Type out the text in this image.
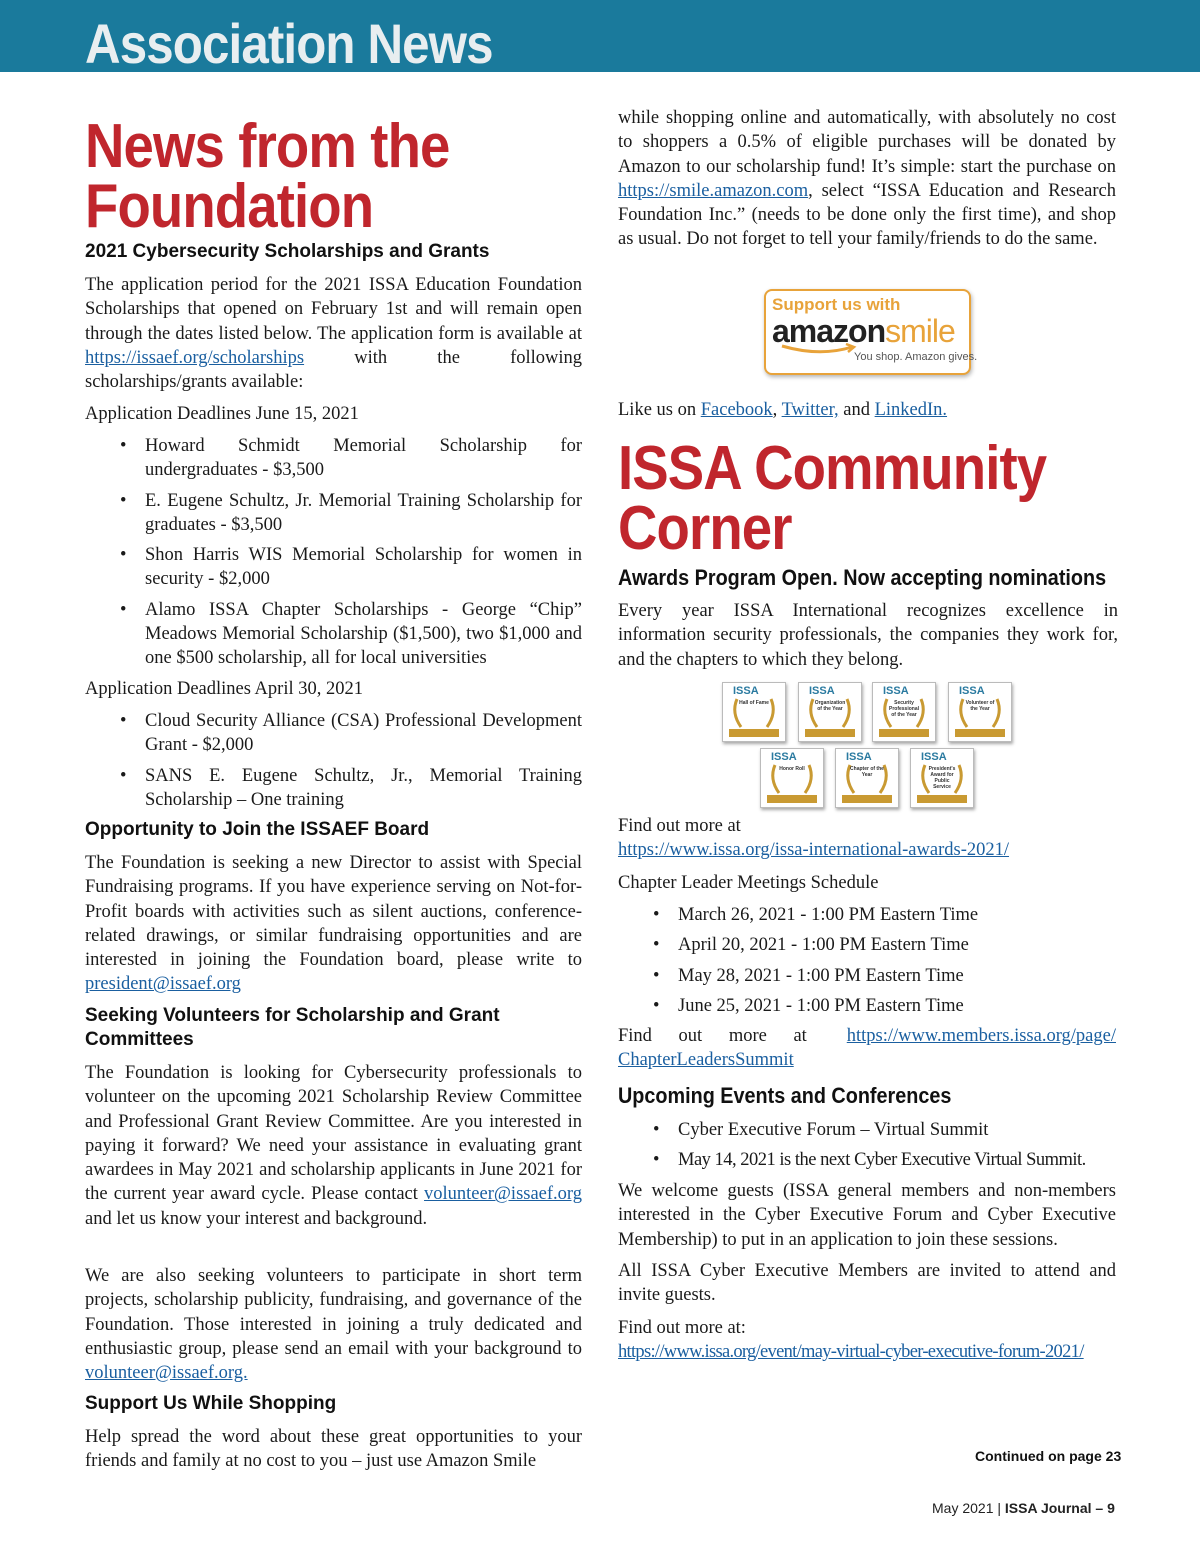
Association News
News from the
Foundation
2021 Cybersecurity Scholarships and Grants

The application period for the 2021 ISSA Education Foundation Scholarships that opened on February 1st and will remain open through the dates listed below. The application form is available at https://issaef.org/scholarships	with the following scholarships/grants available:

Application Deadlines June 15, 2021

• Howard Schmidt Memorial Scholarship for undergraduates - $3,500
• E. Eugene Schultz, Jr. Memorial Training Scholarship for graduates - $3,500
• Shon Harris WIS Memorial Scholarship for women in security - $2,000
• Alamo ISSA Chapter Scholarships - George “Chip” Meadows Memorial Scholarship ($1,500), two $1,000 and one $500 scholarship, all for local universities

Application Deadlines April 30, 2021

• Cloud Security Alliance (CSA) Professional Development Grant - $2,000
• SANS E. Eugene Schultz, Jr., Memorial Training Scholarship – One training
Opportunity to Join the ISSAEF Board

The Foundation is seeking a new Director to assist with Special Fundraising programs. If you have experience serving on Not-for-Profit boards with activities such as silent auctions, conference-related drawings, or similar fundraising opportunities and are interested in joining the Foundation board, please write to president@issaef.org

Seeking Volunteers for Scholarship and Grant Committees

The Foundation is looking for Cybersecurity professionals to volunteer on the upcoming 2021 Scholarship Review Committee and Professional Grant Review Committee. Are you interested in paying it forward? We need your assistance in evaluating grant awardees in May 2021 and scholarship applicants in June 2021 for the current year award cycle. Please contact volunteer@issaef.org and let us know your interest and background.

We are also seeking volunteers to participate in short term projects, scholarship publicity, fundraising, and governance of the Foundation. Those interested in joining a truly dedicated and enthusiastic group, please send an email with your background to volunteer@issaef.org.

Support Us While Shopping

Help spread the word about these great opportunities to your friends and family at no cost to you – just use Amazon Smile

while shopping online and automatically, with absolutely no cost to shoppers a 0.5% of eligible purchases will be donated by Amazon to our scholarship fund! It’s simple: start the purchase on https://smile.amazon.com, select “ISSA Education and Research Foundation Inc.” (needs to be done only the first time), and shop as usual. Do not forget to tell your family/friends to do the same.

Support us with
amazonsmile
You shop. Amazon gives.

Like us on Facebook, Twitter, and LinkedIn.

ISSA Community
Corner
Awards Program Open. Now accepting nominations

Every year ISSA International recognizes excellence in information security professionals, the companies they work for, and the chapters to which they belong.

ISSA
Hall of Fame
ISSA
Organization of the Year
ISSA
Security Professional of the Year
ISSA
Volunteer of the Year
ISSA
Honor Roll
ISSA
Chapter of the Year
ISSA
President's Award for Public Service

Find out more at
https://www.issa.org/issa-international-awards-2021/

Chapter Leader Meetings Schedule

• March 26, 2021 - 1:00 PM Eastern Time
• April 20, 2021 - 1:00 PM Eastern Time
• May 28, 2021 - 1:00 PM Eastern Time
• June 25, 2021 - 1:00 PM Eastern Time
Find out more at https://www.members.issa.org/page/
ChapterLeadersSummit
Upcoming Events and Conferences
• Cyber Executive Forum – Virtual Summit
• May 14, 2021 is the next Cyber Executive Virtual Summit.

We welcome guests (ISSA general members and non-members interested in the Cyber Executive Forum and Cyber Executive Membership) to put in an application to join these sessions.

All ISSA Cyber Executive Members are invited to attend and invite guests.

Find out more at:
https://www.issa.org/event/may-virtual-cyber-executive-forum-2021/

Continued on page 23
May 2021 | ISSA Journal – 9
